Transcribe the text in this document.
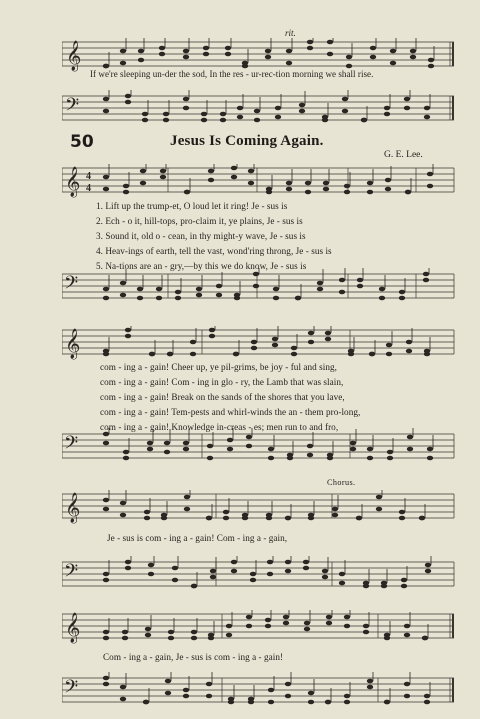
𝄞
rit.
If we're sleeping un-der the sod, In the res - ur-rec-tion morning we shall rise.
𝄢
50	Jesus Is Coming Again.
G. E. Lee.
𝄞 4
4
1. Lift up the trump-et, O loud let it ring! Je - sus is
2. Ech - o it, hill-tops, pro-claim it, ye plains, Je - sus is
3. Sound it, old o - cean, in thy might-y wave, Je - sus is
4. Heav-ings of earth, tell the vast, wond'ring throng, Je - sus is
5. Na-tions are an - gry,—by this we do know, Je - sus is
𝄢
𝄞
com - ing a - gain! Cheer up, ye pil-grims, be joy - ful and sing,
com - ing a - gain! Com - ing in glo - ry, the Lamb that was slain,
com - ing a - gain! Break on the sands of the shores that you lave,
com - ing a - gain! Tem-pests and whirl-winds the an - them pro-long,
com - ing a - gain! Knowledge in-creas - es; men run to and fro,
𝄢
Chorus.
𝄞
Je - sus is com - ing a - gain! Com - ing a - gain,
𝄢
𝄞
Com - ing a - gain, Je - sus is com - ing a - gain!
𝄢
